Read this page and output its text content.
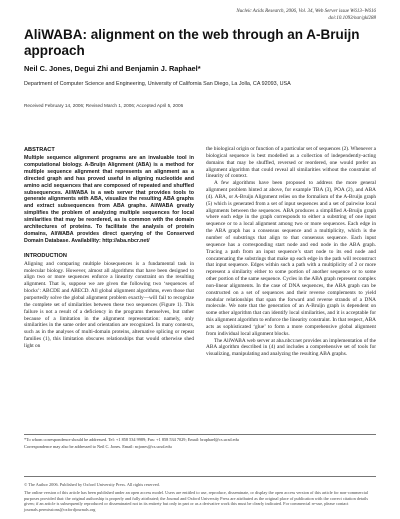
Nucleic Acids Research, 2006, Vol. 34, Web Server issue W613–W616
doi:10.1093/nar/gkl288
AliWABA: alignment on the web through an A-Bruijn approach
Neil C. Jones, Degui Zhi and Benjamin J. Raphael*
Department of Computer Science and Engineering, University of California San Diego, La Jolla, CA 92093, USA
Received February 14, 2006; Revised March 1, 2006; Accepted April 5, 2006
ABSTRACT

Multiple sequence alignment programs are an invaluable tool in computational biology. A-Bruijn Alignment (ABA) is a method for multiple sequence alignment that represents an alignment as a directed graph and has proved useful in aligning nucleotide and amino acid sequences that are composed of repeated and shuffled subsequences. AliWABA is a web server that provides tools to generate alignments with ABA, visualize the resulting ABA graphs and extract subsequences from ABA graphs. AliWABA greatly simplifies the problem of analyzing multiple sequences for local similarities that may be reordered, as is common with the domain architectures of proteins. To facilitate the analysis of protein domains, AliWABA provides direct querying of the Conserved Domain Database. Availability: http://aba.nbcr.net/

INTRODUCTION

Aligning and comparing multiple biosequences is a fundamental task in molecular biology. However, almost all algorithms that have been designed to align two or more sequences enforce a linearity constraint on the resulting alignment. That is, suppose we are given the following two ‘sequences of blocks’: ABCDE and ABECD. All global alignment algorithms, even those that purportedly solve the global alignment problem exactly—will fail to recognize the complete set of similarities between these two sequences (Figure 1). This failure is not a result of a deficiency in the programs themselves, but rather because of a limitation in the alignment representation: namely, only similarities in the same order and orientation are recognized. In many contexts, such as in the analyses of multi-domain proteins, alternative splicing or repeat families (1), this limitation obscures relationships that would otherwise shed light on

the biological origin or function of a particular set of sequences (2). Whenever a biological sequence is best modelled as a collection of independently-acting domains that may be shuffled, reversed or reordered, one would prefer an alignment algorithm that could reveal all similarities without the constraint of linearity of context.

A few algorithms have been proposed to address the more general alignment problem hinted at above, for example TBA (3), POA (2), and ABA (4). ABA, or A-Bruijn Alignment relies on the formalism of the A-Bruijn graph (5) which is generated from a set of input sequences and a set of pairwise local alignments between the sequences. ABA produces a simplified A-Bruijn graph where each edge in the graph corresponds to either a substring of one input sequence or to a local alignment among two or more sequences. Each edge in the ABA graph has a consensus sequence and a multiplicity, which is the number of substrings that align to that consensus sequence. Each input sequence has a corresponding start node and end node in the ABA graph. Tracing a path from an input sequence’s start node to its end node and concatenating the substrings that make up each edge in the path will reconstruct that input sequence. Edges within such a path with a multiplicity of 2 or more represent a similarity either to some portion of another sequence or to some other portion of the same sequence. Cycles in the ABA graph represent complex non-linear alignments. In the case of DNA sequences, the ABA graph can be constructed on a set of sequences and their reverse complements to yield modular relationships that span the forward and reverse strands of a DNA molecule. We note that the generation of an A-Bruijn graph is dependent on some other algorithm that can identify local similarities, and it is acceptable for this alignment algorithm to enforce the linearity constraint. In that respect, ABA acts as sophisticated ‘glue’ to form a more comprehensive global alignment from individual local alignment blocks.

The AliWABA web server at aba.nbcr.net provides an implementation of the ABA algorithm described in (4) and includes a comprehensive set of tools for visualizing, manipulating and analyzing the resulting ABA graphs.

*To whom correspondence should be addressed. Tel: +1 858 534 9989; Fax: +1 858 534 7029; Email: braphael@cs.ucsd.edu
Correspondence may also be addressed to Neil C. Jones. Email: ncjones@cs.ucsd.edu
© The Author 2006. Published by Oxford University Press. All rights reserved.
The online version of this article has been published under an open access model. Users are entitled to use, reproduce, disseminate, or display the open access version of this article for non-commercial purposes provided that: the original authorship is properly and fully attributed; the Journal and Oxford University Press are attributed as the original place of publication with the correct citation details given; if an article is subsequently reproduced or disseminated not in its entirety but only in part or as a derivative work this must be clearly indicated. For commercial re-use, please contact journals.permissions@oxfordjournals.org
